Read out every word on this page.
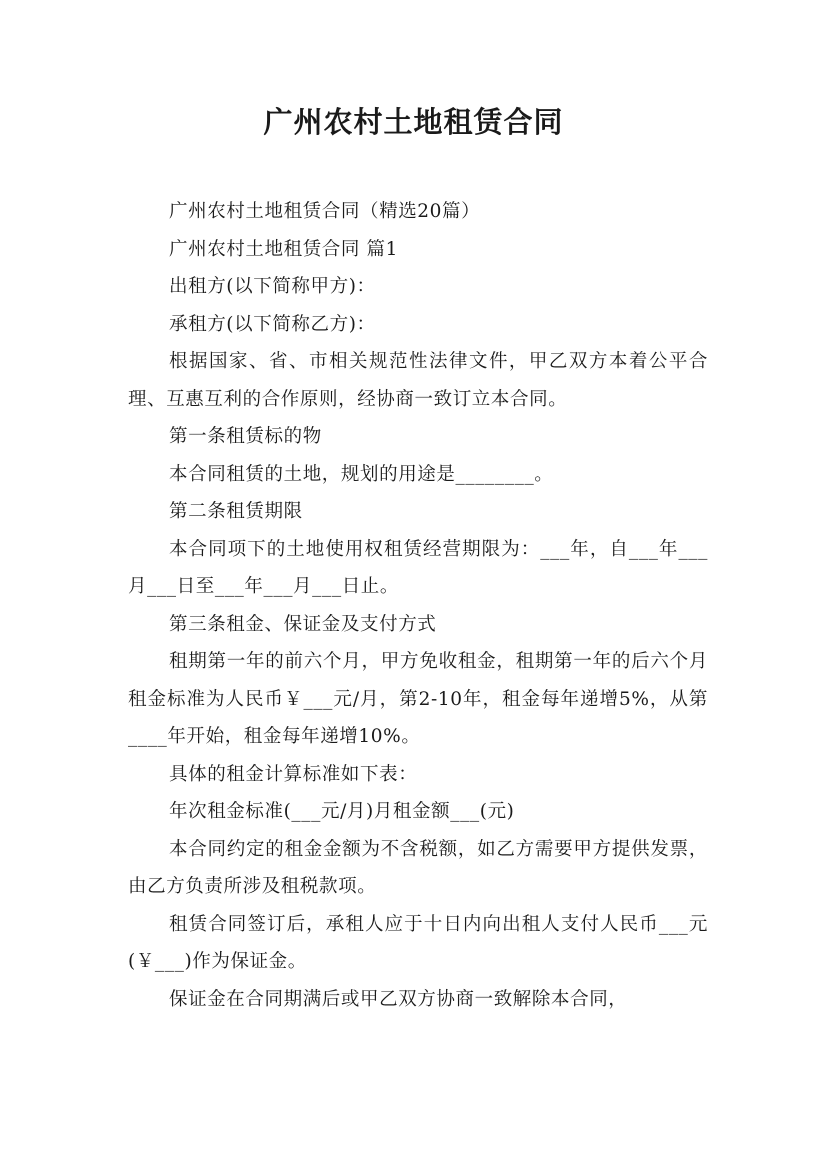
广州农村土地租赁合同

广州农村土地租赁合同（精选20篇）

广州农村土地租赁合同 篇1

出租方(以下简称甲方)：

承租方(以下简称乙方)：

根据国家、省、市相关规范性法律文件，甲乙双方本着公平合理、互惠互利的合作原则，经协商一致订立本合同。

第一条租赁标的物

本合同租赁的土地，规划的用途是________。

第二条租赁期限

本合同项下的土地使用权租赁经营期限为：___年，自___年___月___日至___年___月___日止。

第三条租金、保证金及支付方式

租期第一年的前六个月，甲方免收租金，租期第一年的后六个月租金标准为人民币￥___元/月，第2-10年，租金每年递增5%，从第____年开始，租金每年递增10%。

具体的租金计算标准如下表：

年次租金标准(___元/月)月租金额___(元)

本合同约定的租金金额为不含税额，如乙方需要甲方提供发票，由乙方负责所涉及租税款项。

租赁合同签订后，承租人应于十日内向出租人支付人民币___元(￥___)作为保证金。

保证金在合同期满后或甲乙双方协商一致解除本合同，
